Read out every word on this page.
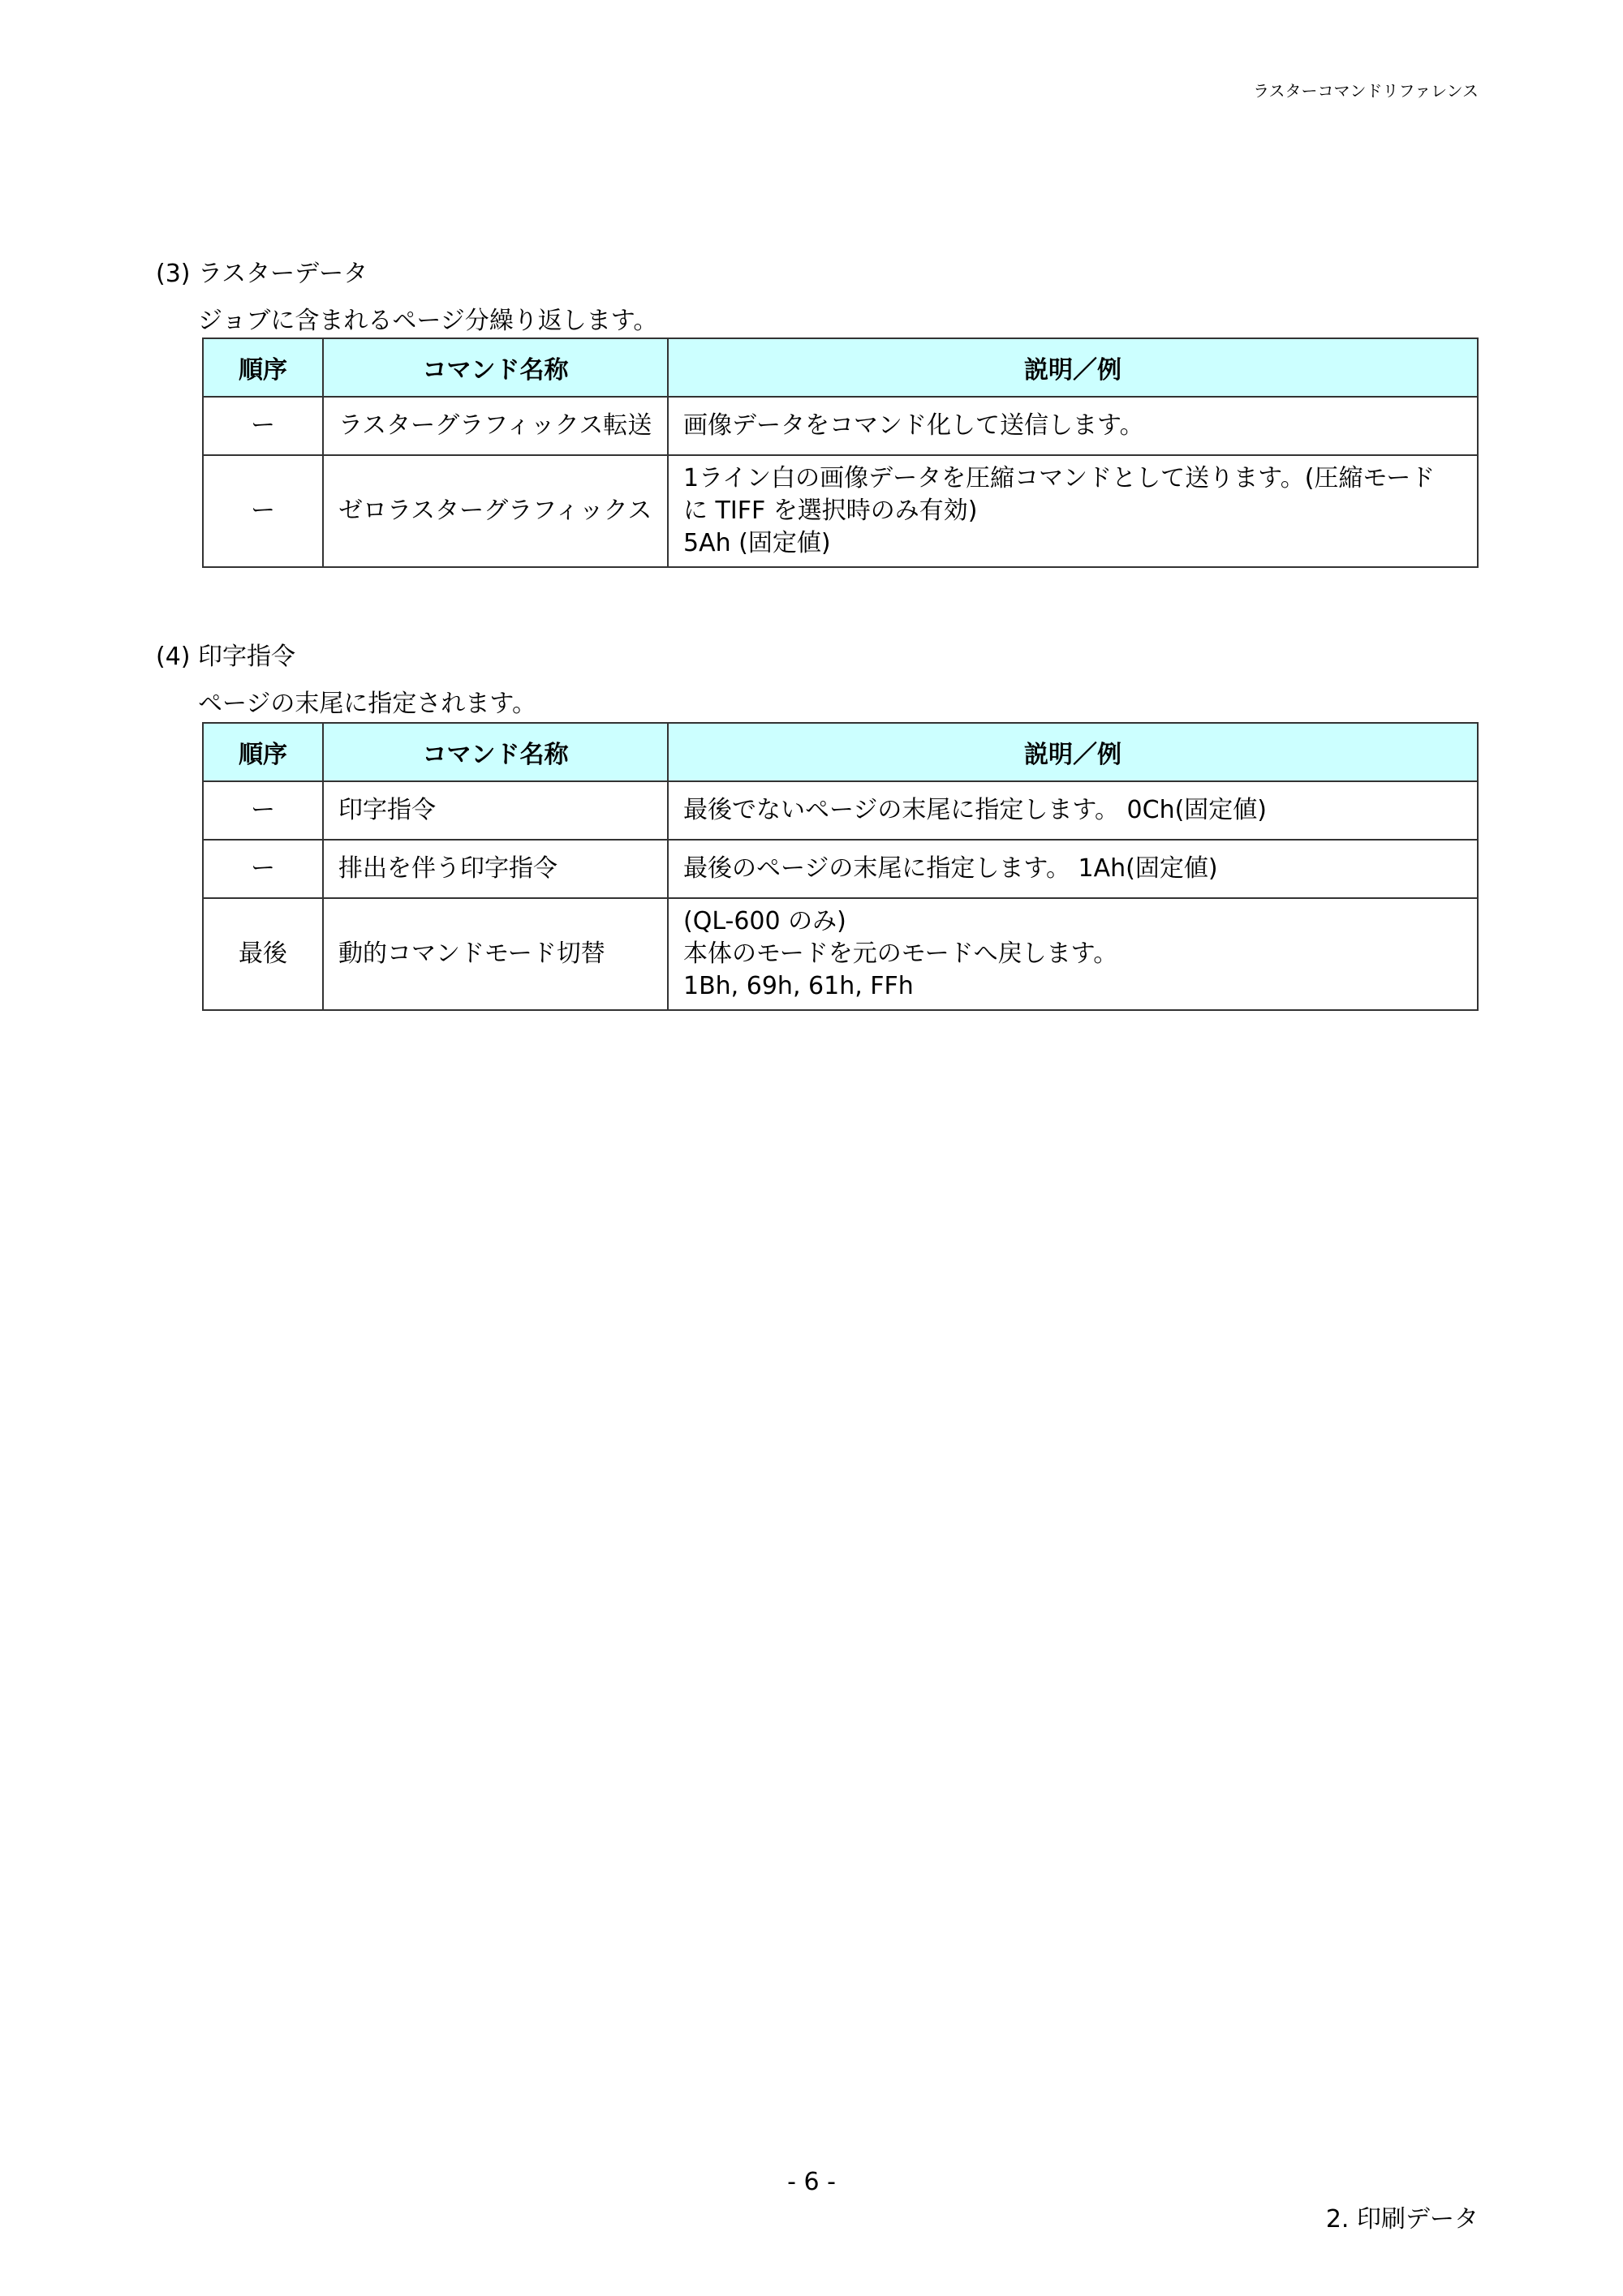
ラスターコマンドリファレンス
(3) ラスターデータ
ジョブに含まれるページ分繰り返します。
順序	コマンド名称	説明／例
ー	ラスターグラフィックス転送	画像データをコマンド化して送信します。

ー	ゼロラスターグラフィックス	1ライン白の画像データを圧縮コマンドとして送ります。(圧縮モード
に TIFF を選択時のみ有効)
5Ah (固定値)
(4) 印字指令
ページの末尾に指定されます。
順序	コマンド名称	説明／例
ー	印字指令	最後でないページの末尾に指定します。 0Ch(固定値)

ー	排出を伴う印字指令	最後のページの末尾に指定します。 1Ah(固定値)

最後	動的コマンドモード切替	(QL-600 のみ)
本体のモードを元のモードへ戻します。
1Bh, 69h, 61h, FFh
- 6 -
2. 印刷データ
